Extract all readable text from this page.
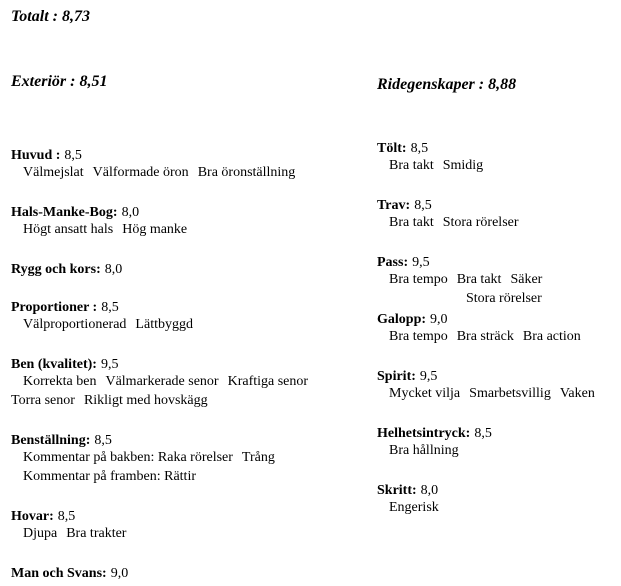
Totalt : 8,73
Exteriör : 8,51	Ridegenskaper : 8,88
Huvud : 8,5
Välmejslat Välformade öron Bra öronställning
Hals-Manke-Bog: 8,0
Högt ansatt hals Hög manke
Rygg och kors: 8,0
Proportioner : 8,5
Välproportionerad Lättbyggd
Ben (kvalitet): 9,5
Korrekta ben Välmarkerade senor Kraftiga senor
Torra senor Rikligt med hovskägg
Benställning: 8,5
Kommentar på bakben: Raka rörelser Trång
Kommentar på framben: Rättir
Hovar: 8,5
Djupa Bra trakter
Man och Svans: 9,0
Tölt: 8,5
Bra takt Smidig
Trav: 8,5
Bra takt Stora rörelser
Pass: 9,5
Bra tempo Bra takt Säker
Stora rörelser
Galopp: 9,0
Bra tempo Bra sträck Bra action
Spirit: 9,5
Mycket vilja Smarbetsvillig Vaken
Helhetsintryck: 8,5
Bra hållning
Skritt: 8,0
Engerisk
